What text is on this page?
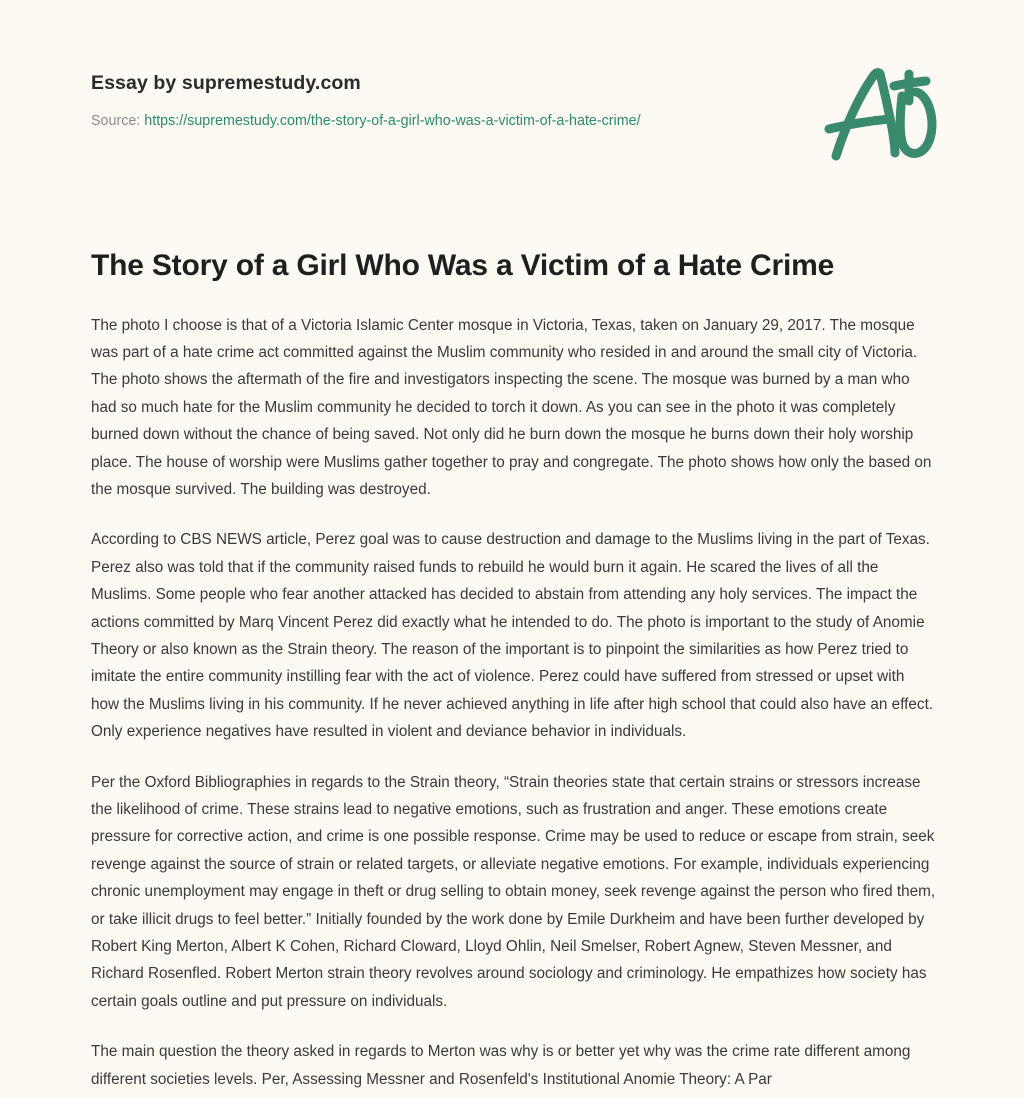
Essay by supremestudy.com
Source: https://supremestudy.com/the-story-of-a-girl-who-was-a-victim-of-a-hate-crime/
The Story of a Girl Who Was a Victim of a Hate Crime

The photo I choose is that of a Victoria Islamic Center mosque in Victoria, Texas, taken on January 29, 2017. The mosque was part of a hate crime act committed against the Muslim community who resided in and around the small city of Victoria. The photo shows the aftermath of the fire and investigators inspecting the scene. The mosque was burned by a man who had so much hate for the Muslim community he decided to torch it down. As you can see in the photo it was completely burned down without the chance of being saved. Not only did he burn down the mosque he burns down their holy worship place. The house of worship were Muslims gather together to pray and congregate. The photo shows how only the based on the mosque survived. The building was destroyed.

According to CBS NEWS article, Perez goal was to cause destruction and damage to the Muslims living in the part of Texas. Perez also was told that if the community raised funds to rebuild he would burn it again. He scared the lives of all the Muslims. Some people who fear another attacked has decided to abstain from attending any holy services. The impact the actions committed by Marq Vincent Perez did exactly what he intended to do. The photo is important to the study of Anomie Theory or also known as the Strain theory. The reason of the important is to pinpoint the similarities as how Perez tried to imitate the entire community instilling fear with the act of violence. Perez could have suffered from stressed or upset with how the Muslims living in his community. If he never achieved anything in life after high school that could also have an effect. Only experience negatives have resulted in violent and deviance behavior in individuals.

Per the Oxford Bibliographies in regards to the Strain theory, “Strain theories state that certain strains or stressors increase the likelihood of crime. These strains lead to negative emotions, such as frustration and anger. These emotions create pressure for corrective action, and crime is one possible response. Crime may be used to reduce or escape from strain, seek revenge against the source of strain or related targets, or alleviate negative emotions. For example, individuals experiencing chronic unemployment may engage in theft or drug selling to obtain money, seek revenge against the person who fired them, or take illicit drugs to feel better.” Initially founded by the work done by Emile Durkheim and have been further developed by Robert King Merton, Albert K Cohen, Richard Cloward, Lloyd Ohlin, Neil Smelser, Robert Agnew, Steven Messner, and Richard Rosenfled. Robert Merton strain theory revolves around sociology and criminology. He empathizes how society has certain goals outline and put pressure on individuals.

The main question the theory asked in regards to Merton was why is or better yet why was the crime rate different among different societies levels. Per, Assessing Messner and Rosenfeld's Institutional Anomie Theory: A Par
